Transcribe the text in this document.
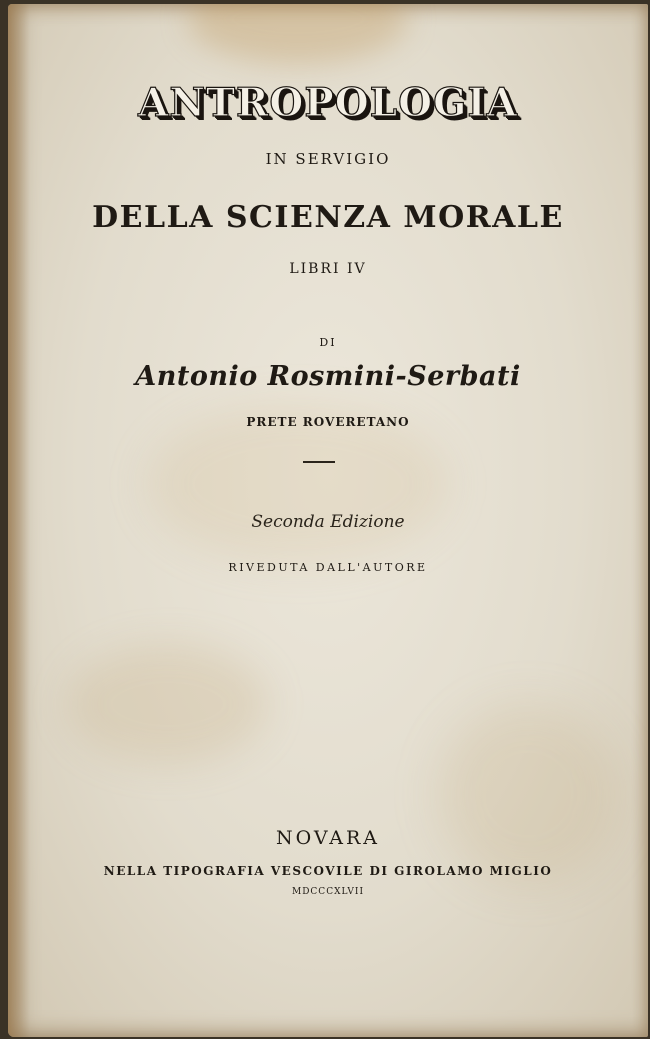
ANTROPOLOGIA
IN SERVIGIO
DELLA SCIENZA MORALE
LIBRI IV
DI
Antonio Rosmini-Serbati
PRETE ROVERETANO
Seconda Edizione
RIVEDUTA DALL'AUTORE
NOVARA
NELLA TIPOGRAFIA VESCOVILE DI GIROLAMO MIGLIO
MDCCCXLVII
